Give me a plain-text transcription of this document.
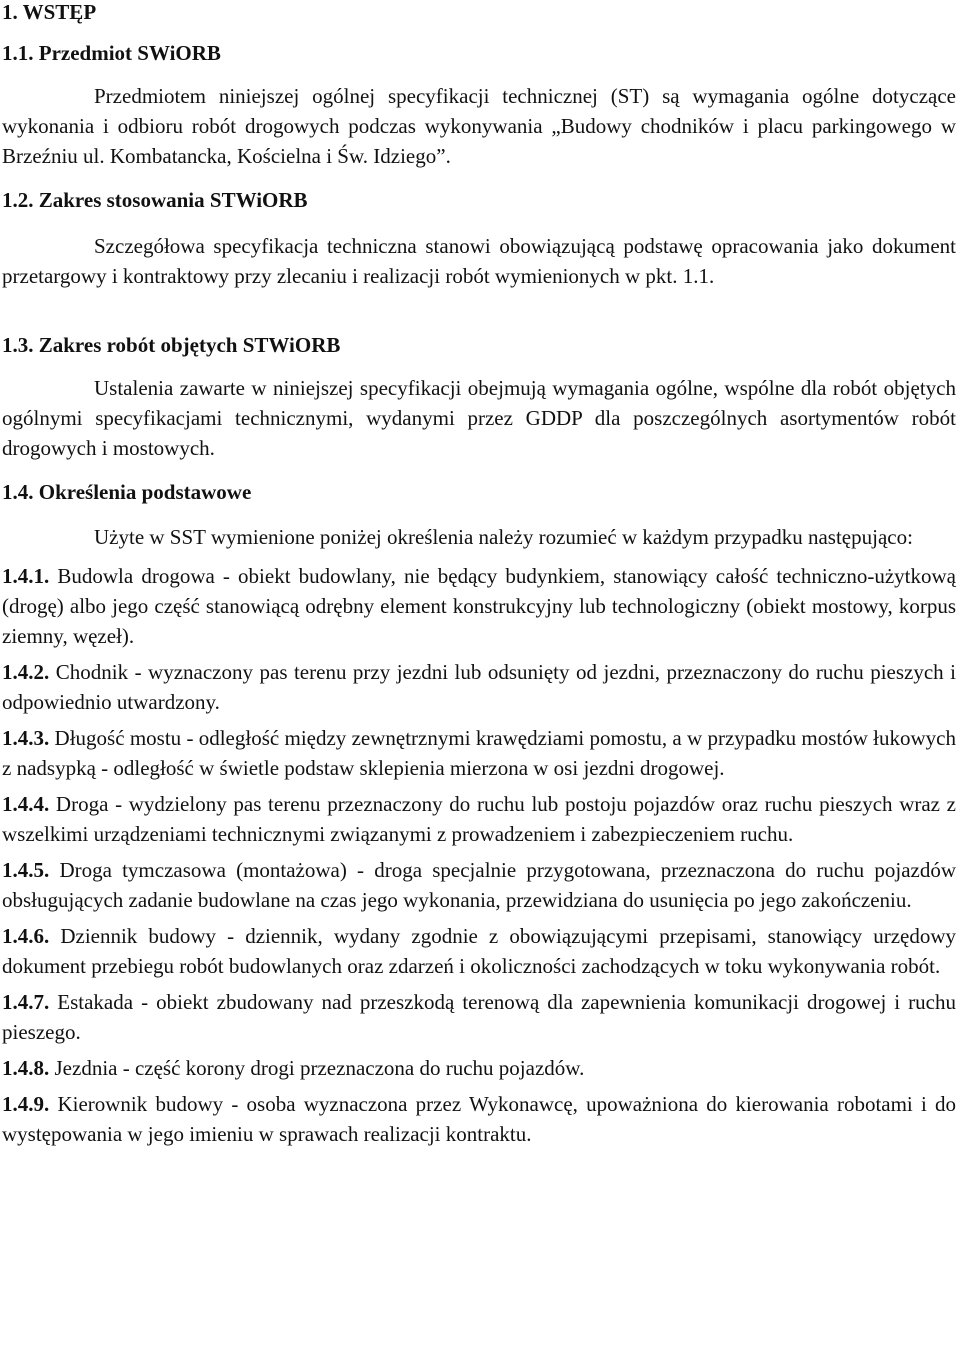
1. WSTĘP

1.1. Przedmiot SWiORB

Przedmiotem niniejszej ogólnej specyfikacji technicznej (ST) są wymagania ogólne dotyczące wykonania i odbioru robót drogowych podczas wykonywania „Budowy chodników i placu parkingowego w Brzeźniu ul. Kombatancka, Kościelna i Św. Idziego”.

1.2. Zakres stosowania STWiORB

Szczegółowa specyfikacja techniczna stanowi obowiązującą podstawę opracowania jako dokument przetargowy i kontraktowy przy zlecaniu i realizacji robót wymienionych w pkt. 1.1.

1.3. Zakres robót objętych STWiORB

Ustalenia zawarte w niniejszej specyfikacji obejmują wymagania ogólne, wspólne dla robót objętych ogólnymi specyfikacjami technicznymi, wydanymi przez GDDP dla poszczególnych asortymentów robót drogowych i mostowych.

1.4. Określenia podstawowe

Użyte w SST wymienione poniżej określenia należy rozumieć w każdym przypadku następująco:

1.4.1. Budowla drogowa - obiekt budowlany, nie będący budynkiem, stanowiący całość techniczno-użytkową (drogę) albo jego część stanowiącą odrębny element konstrukcyjny lub technologiczny (obiekt mostowy, korpus ziemny, węzeł).

1.4.2. Chodnik - wyznaczony pas terenu przy jezdni lub odsunięty od jezdni, przeznaczony do ruchu pieszych i odpowiednio utwardzony.

1.4.3. Długość mostu - odległość między zewnętrznymi krawędziami pomostu, a w przypadku mostów łukowych z nadsypką - odległość w świetle podstaw sklepienia mierzona w osi jezdni drogowej.

1.4.4. Droga - wydzielony pas terenu przeznaczony do ruchu lub postoju pojazdów oraz ruchu pieszych wraz z wszelkimi urządzeniami technicznymi związanymi z prowadzeniem i zabezpieczeniem ruchu.

1.4.5. Droga tymczasowa (montażowa) - droga specjalnie przygotowana, przeznaczona do ruchu pojazdów obsługujących zadanie budowlane na czas jego wykonania, przewidziana do usunięcia po jego zakończeniu.

1.4.6. Dziennik budowy - dziennik, wydany zgodnie z obowiązującymi przepisami, stanowiący urzędowy dokument przebiegu robót budowlanych oraz zdarzeń i okoliczności zachodzących w toku wykonywania robót.

1.4.7. Estakada - obiekt zbudowany nad przeszkodą terenową dla zapewnienia komunikacji drogowej i ruchu pieszego.

1.4.8. Jezdnia - część korony drogi przeznaczona do ruchu pojazdów.

1.4.9. Kierownik budowy - osoba wyznaczona przez Wykonawcę, upoważniona do kierowania robotami i do występowania w jego imieniu w sprawach realizacji kontraktu.
